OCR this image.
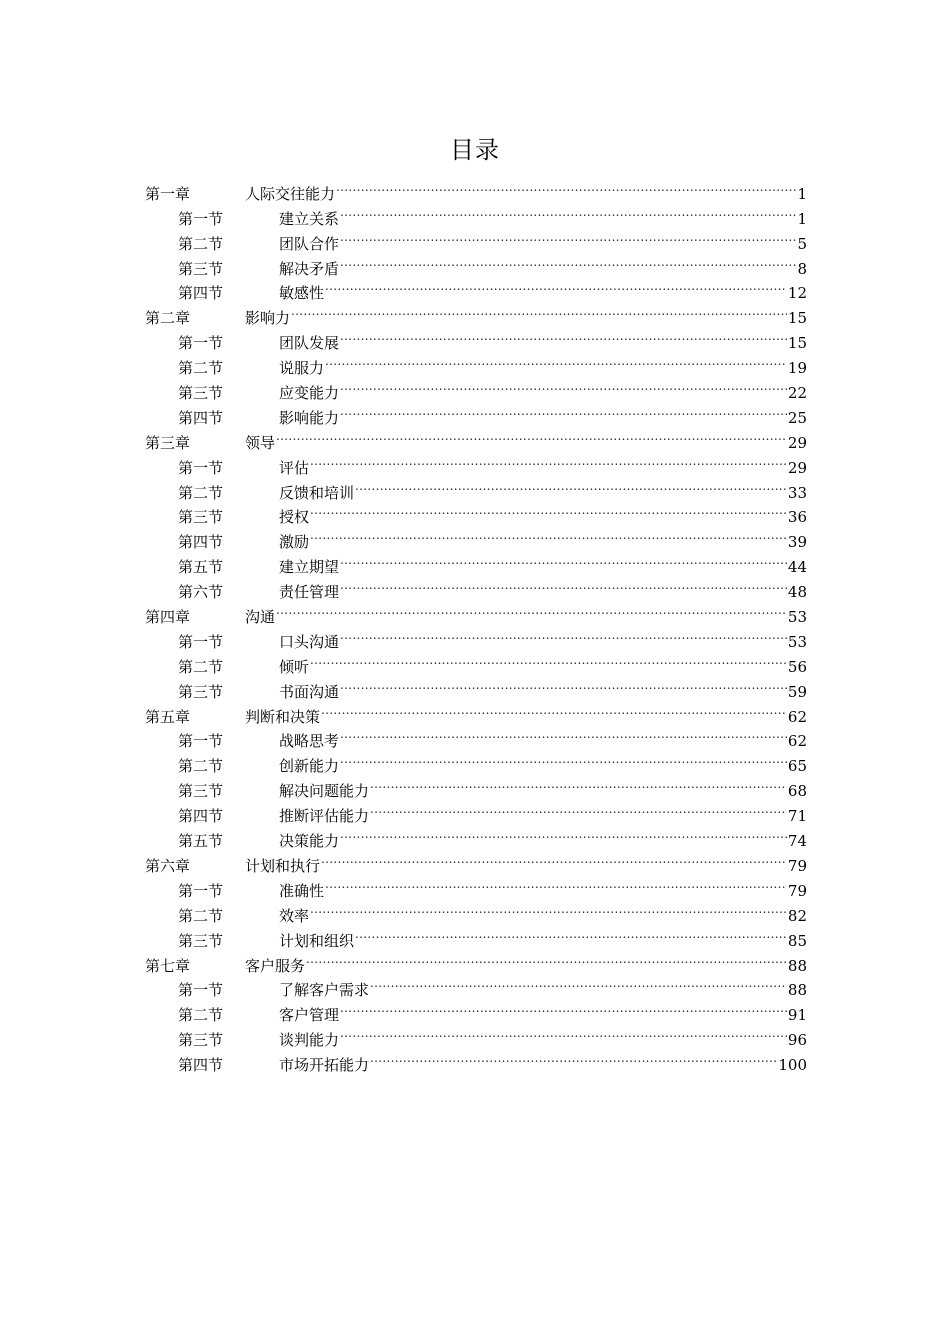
目录
第一章	人际交往能力 .....	1
第一节	建立关系 .....	1
第二节	团队合作 .....	5
第三节	解决矛盾 .....	8
第四节	敏感性 .....	12
第二章	影响力 .....	15
第一节	团队发展 .....	15
第二节	说服力 .....	19
第三节	应变能力 .....	22
第四节	影响能力 .....	25
第三章	领导 .....	29
第一节	评估 .....	29
第二节	反馈和培训 .....	33
第三节	授权 .....	36
第四节	激励 .....	39
第五节	建立期望 .....	44
第六节	责任管理 .....	48
第四章	沟通 .....	53
第一节	口头沟通 .....	53
第二节	倾听 .....	56
第三节	书面沟通 .....	59
第五章	判断和决策 .....	62
第一节	战略思考 .....	62
第二节	创新能力 .....	65
第三节	解决问题能力 .....	68
第四节	推断评估能力 .....	71
第五节	决策能力 .....	74
第六章	计划和执行 .....	79
第一节	准确性 .....	79
第二节	效率 .....	82
第三节	计划和组织 .....	85
第七章	客户服务 .....	88
第一节	了解客户需求 .....	88
第二节	客户管理 .....	91
第三节	谈判能力 .....	96
第四节	市场开拓能力 .....	100
